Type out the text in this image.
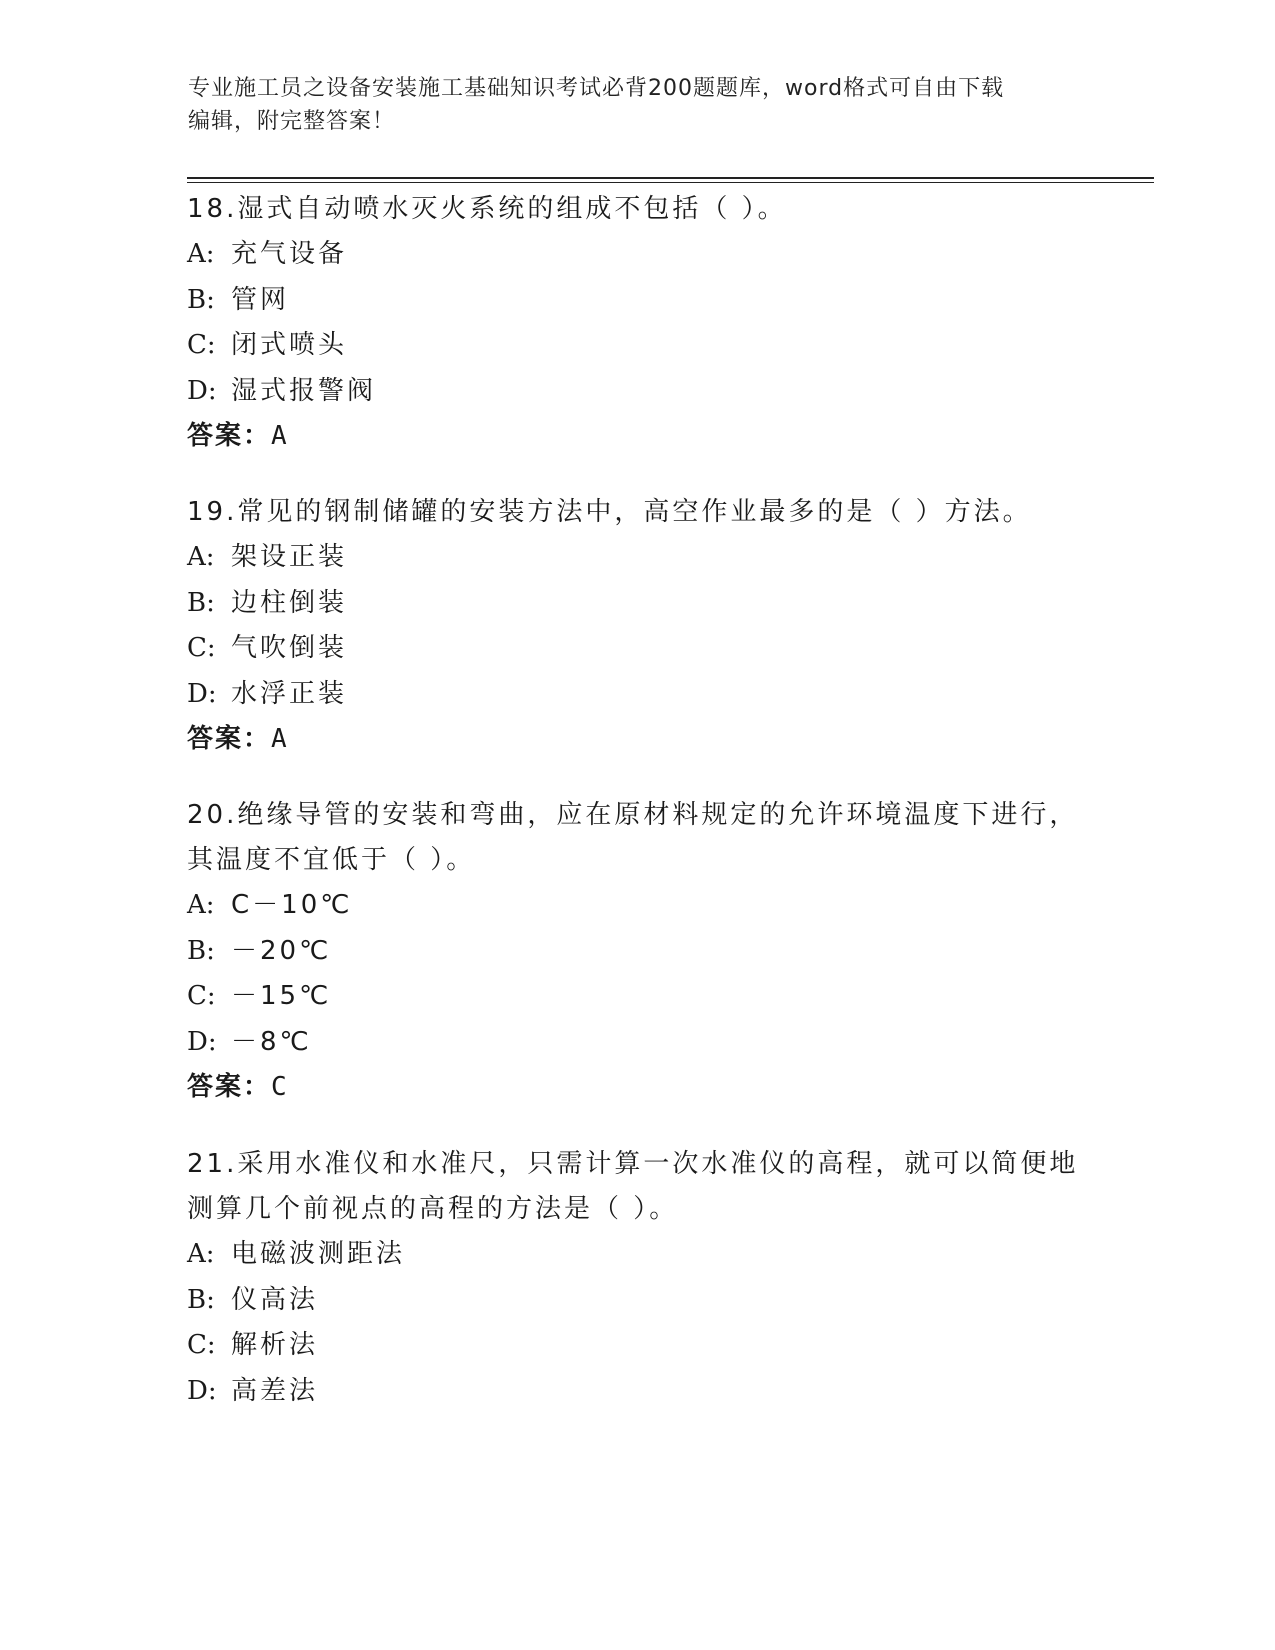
专业施工员之设备安装施工基础知识考试必背200题题库，word格式可自由下载
编辑，附完整答案！

18.湿式自动喷水灭火系统的组成不包括（ ）。

A: 充气设备
B: 管网
C: 闭式喷头
D: 湿式报警阀
答案：A

19.常见的钢制储罐的安装方法中，高空作业最多的是（ ）方法。

A: 架设正装
B: 边柱倒装
C: 气吹倒装
D: 水浮正装
答案：A

20.绝缘导管的安装和弯曲，应在原材料规定的允许环境温度下进行，其温度不宜低于（ ）。

A: C－10℃
B: －20℃
C: －15℃
D: －8℃
答案：C

21.采用水准仪和水准尺，只需计算一次水准仪的高程，就可以简便地测算几个前视点的高程的方法是（ ）。

A: 电磁波测距法
B: 仪高法
C: 解析法
D: 高差法
